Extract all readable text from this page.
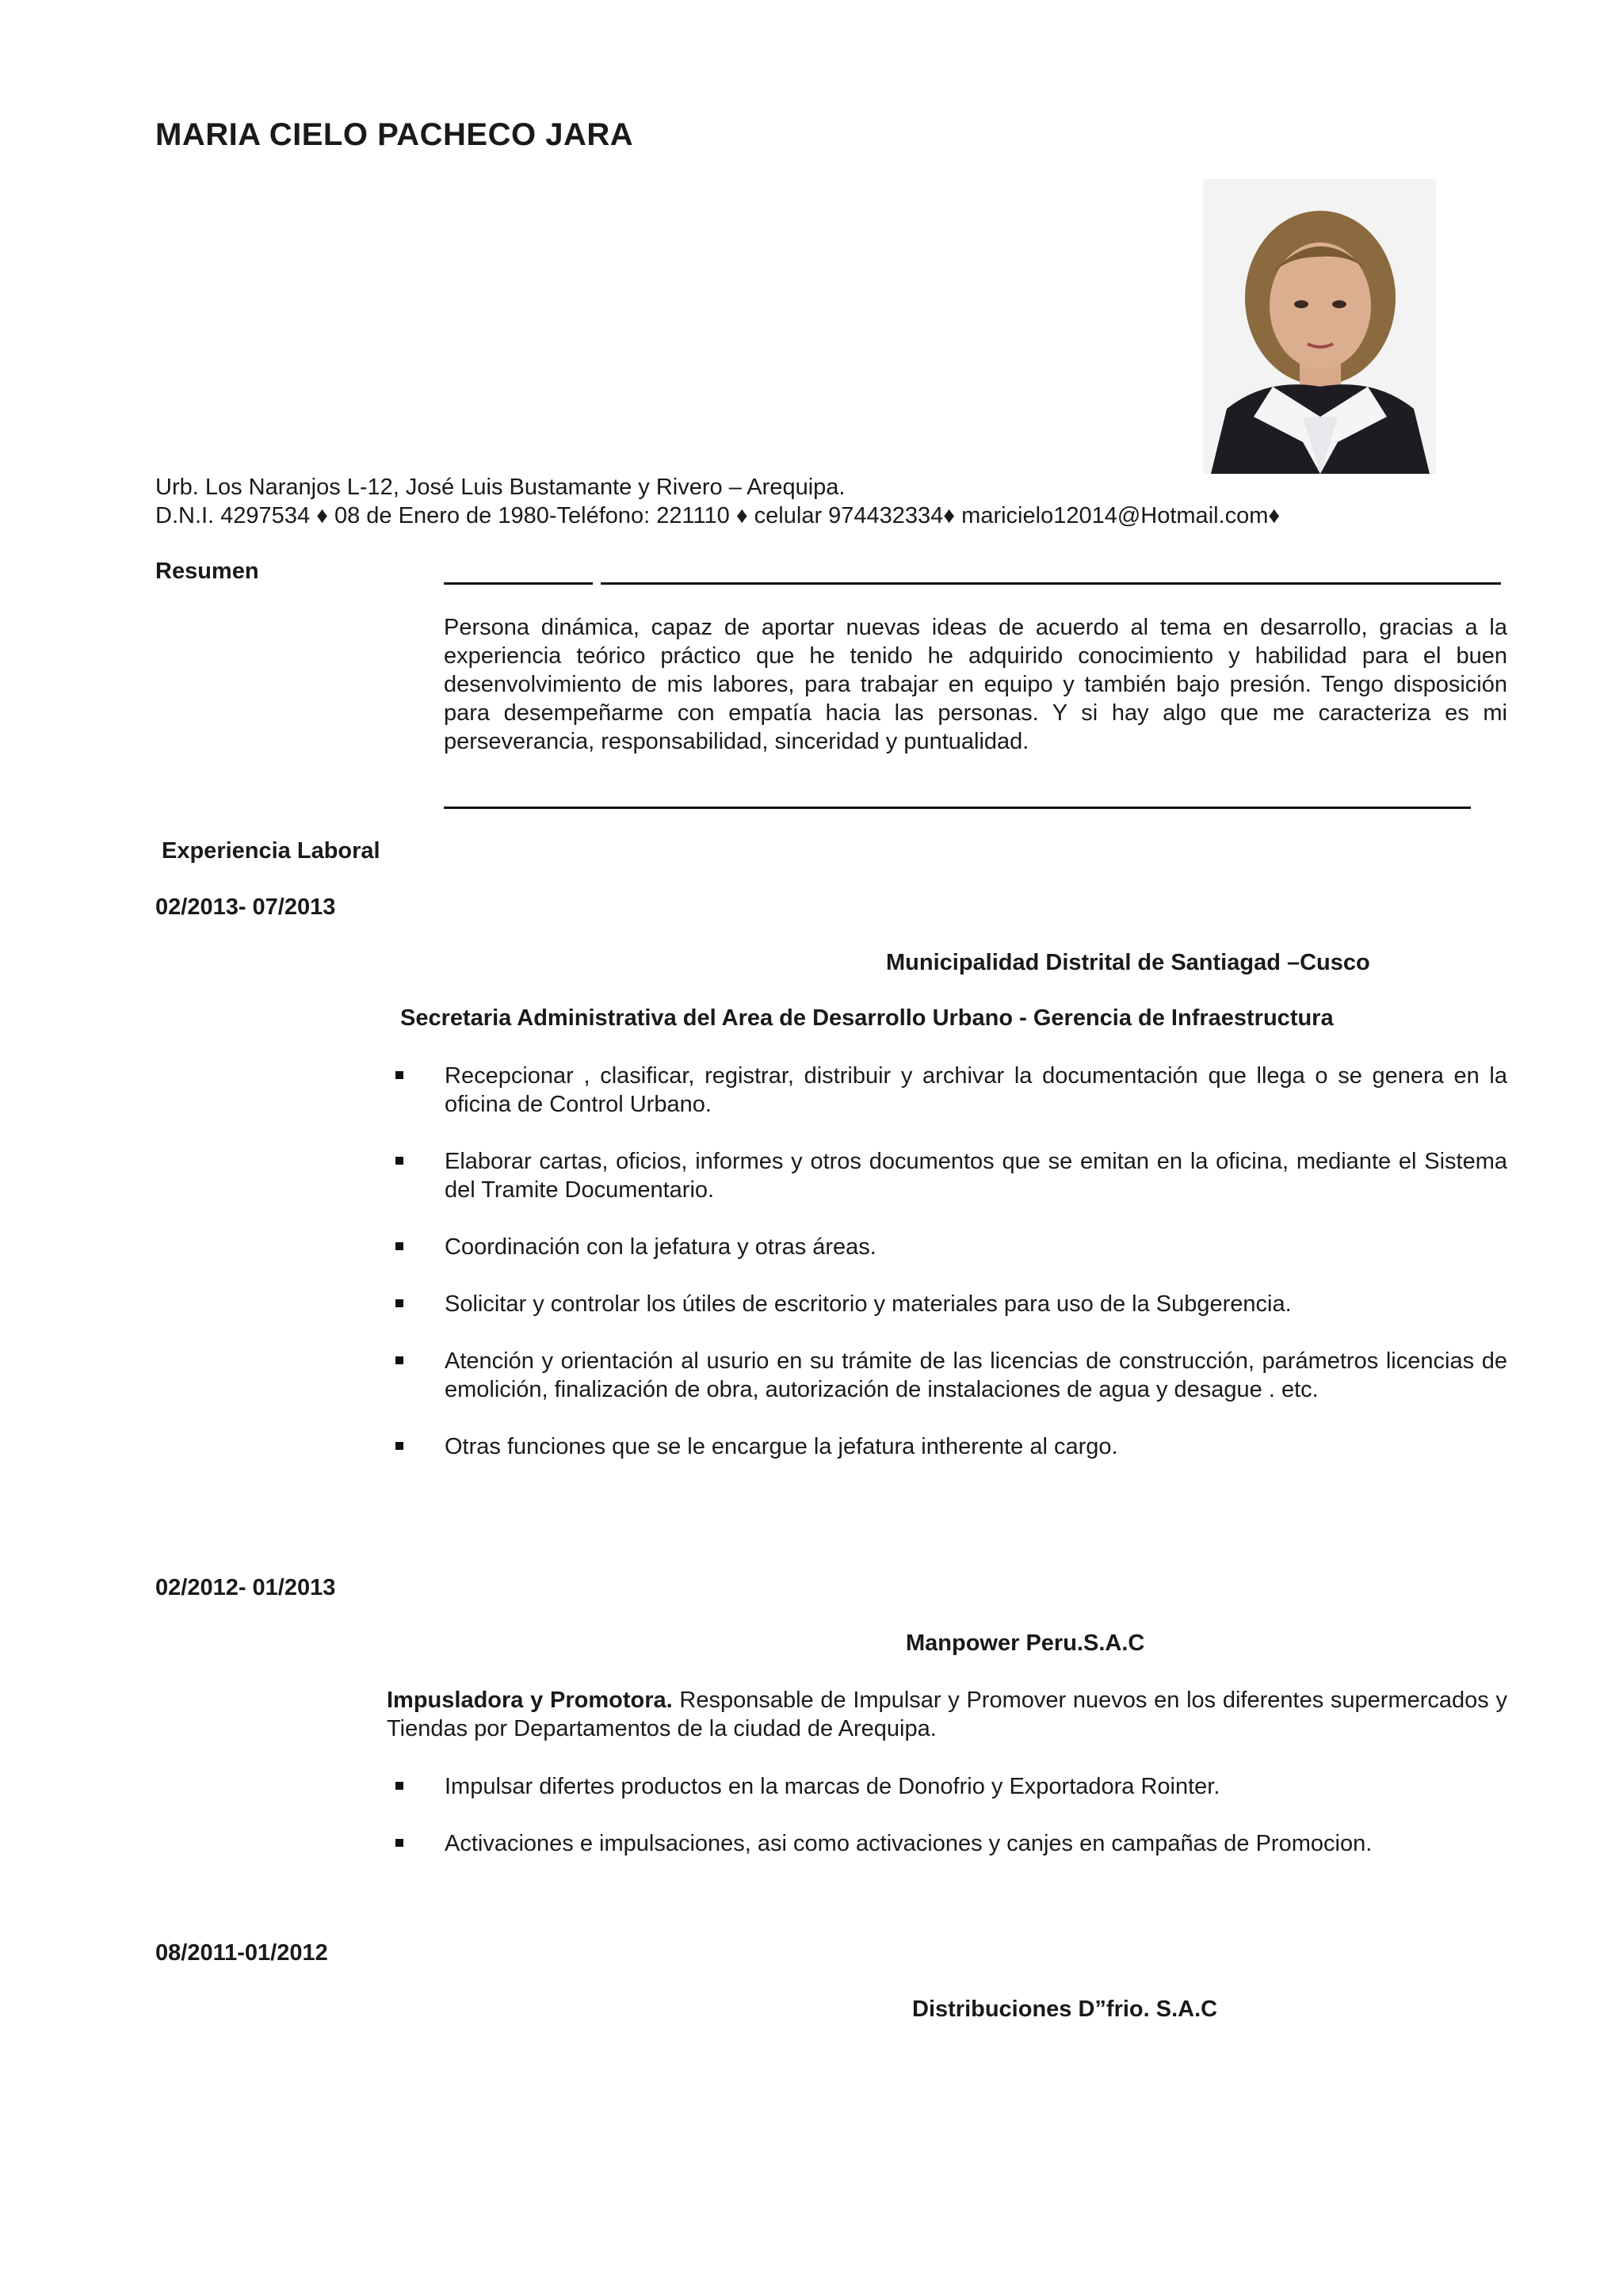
MARIA CIELO PACHECO JARA
Urb. Los Naranjos L-12, José Luis Bustamante y Rivero – Arequipa.
D.N.I. 4297534 ♦ 08 de Enero de 1980-Teléfono: 221110 ♦ celular 974432334♦ maricielo12014@Hotmail.com♦
Resumen
Persona dinámica, capaz de aportar nuevas ideas de acuerdo al tema en desarrollo, gracias a la experiencia teórico práctico que he tenido he adquirido conocimiento y habilidad para el buen desenvolvimiento de mis labores, para trabajar en equipo y también bajo presión. Tengo disposición para desempeñarme con empatía hacia las personas. Y si hay algo que me caracteriza es mi perseverancia, responsabilidad, sinceridad y puntualidad.
Experiencia Laboral
02/2013- 07/2013
Municipalidad Distrital de Santiagad –Cusco
Secretaria Administrativa del Area de Desarrollo Urbano - Gerencia de Infraestructura
Recepcionar , clasificar, registrar, distribuir y archivar la documentación que llega o se genera en la oficina de Control Urbano.
Elaborar cartas, oficios, informes y otros documentos que se emitan en la oficina, mediante el Sistema del Tramite Documentario.
Coordinación con la jefatura y otras áreas.
Solicitar y controlar los útiles de escritorio y materiales para uso de la Subgerencia.
Atención y orientación al usurio en su trámite de las licencias de construcción, parámetros licencias de emolición, finalización de obra, autorización de instalaciones de agua y desague . etc.
Otras funciones que se le encargue la jefatura intherente al cargo.
02/2012- 01/2013
Manpower Peru.S.A.C
Impusladora y Promotora. Responsable de Impulsar y Promover nuevos en los diferentes supermercados y Tiendas por Departamentos de la ciudad de Arequipa.
Impulsar difertes productos en la marcas de Donofrio y Exportadora Rointer.
Activaciones e impulsaciones, asi como activaciones y canjes en campañas de Promocion.
08/2011-01/2012
Distribuciones D”frio. S.A.C
